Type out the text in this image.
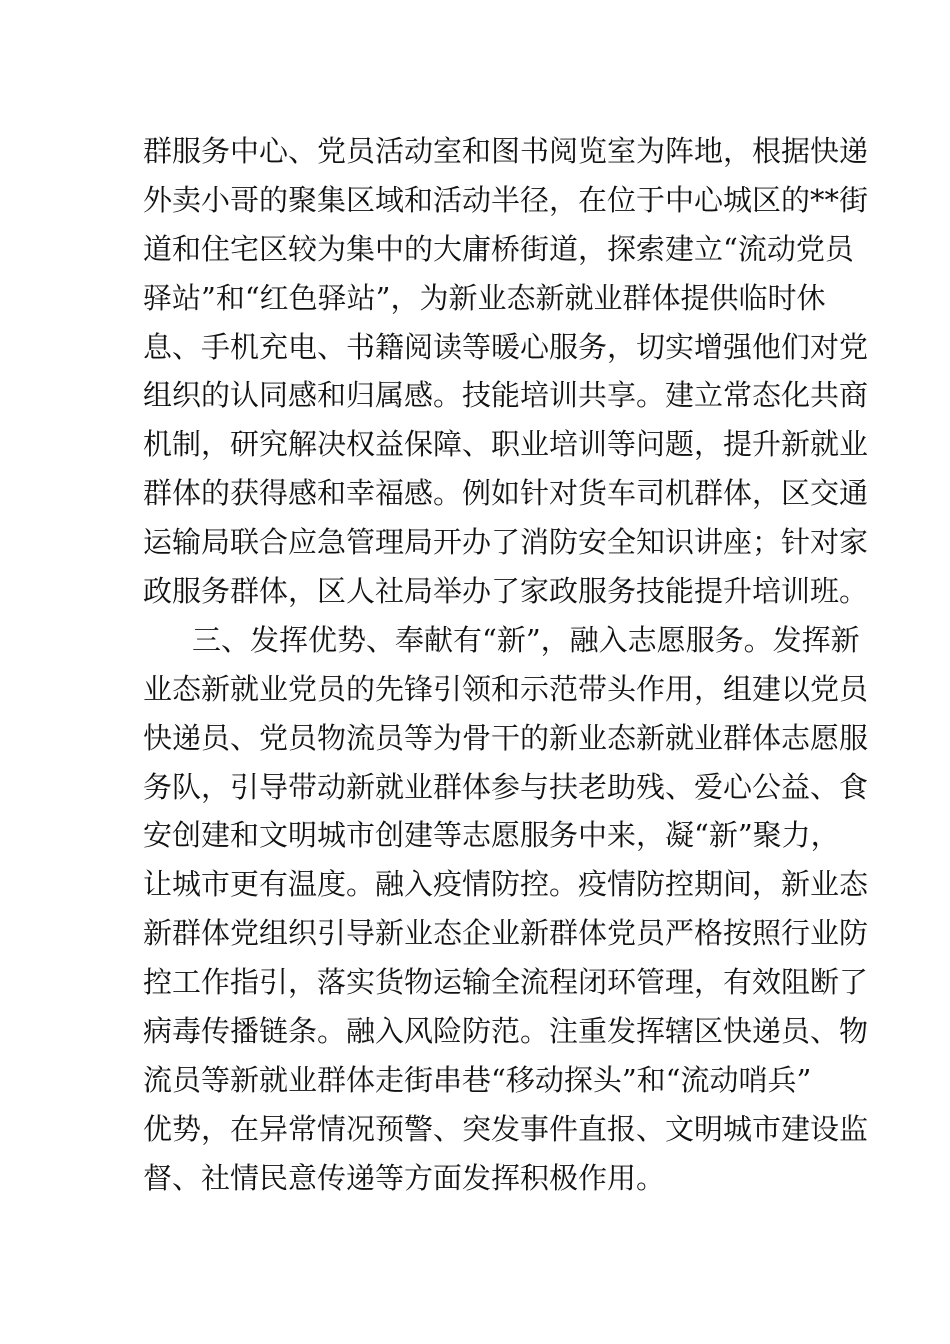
群服务中心、党员活动室和图书阅览室为阵地，根据快递
外卖小哥的聚集区域和活动半径，在位于中心城区的**街
道和住宅区较为集中的大庸桥街道，探索建立“流动党员
驿站”和“红色驿站”，为新业态新就业群体提供临时休
息、手机充电、书籍阅读等暖心服务，切实增强他们对党
组织的认同感和归属感。技能培训共享。建立常态化共商
机制，研究解决权益保障、职业培训等问题，提升新就业
群体的获得感和幸福感。例如针对货车司机群体，区交通
运输局联合应急管理局开办了消防安全知识讲座；针对家
政服务群体，区人社局举办了家政服务技能提升培训班。
三、发挥优势、奉献有“新”，融入志愿服务。发挥新
业态新就业党员的先锋引领和示范带头作用，组建以党员
快递员、党员物流员等为骨干的新业态新就业群体志愿服
务队，引导带动新就业群体参与扶老助残、爱心公益、食
安创建和文明城市创建等志愿服务中来，凝“新”聚力，
让城市更有温度。融入疫情防控。疫情防控期间，新业态
新群体党组织引导新业态企业新群体党员严格按照行业防
控工作指引，落实货物运输全流程闭环管理，有效阻断了
病毒传播链条。融入风险防范。注重发挥辖区快递员、物
流员等新就业群体走街串巷“移动探头”和“流动哨兵”
优势，在异常情况预警、突发事件直报、文明城市建设监
督、社情民意传递等方面发挥积极作用。
